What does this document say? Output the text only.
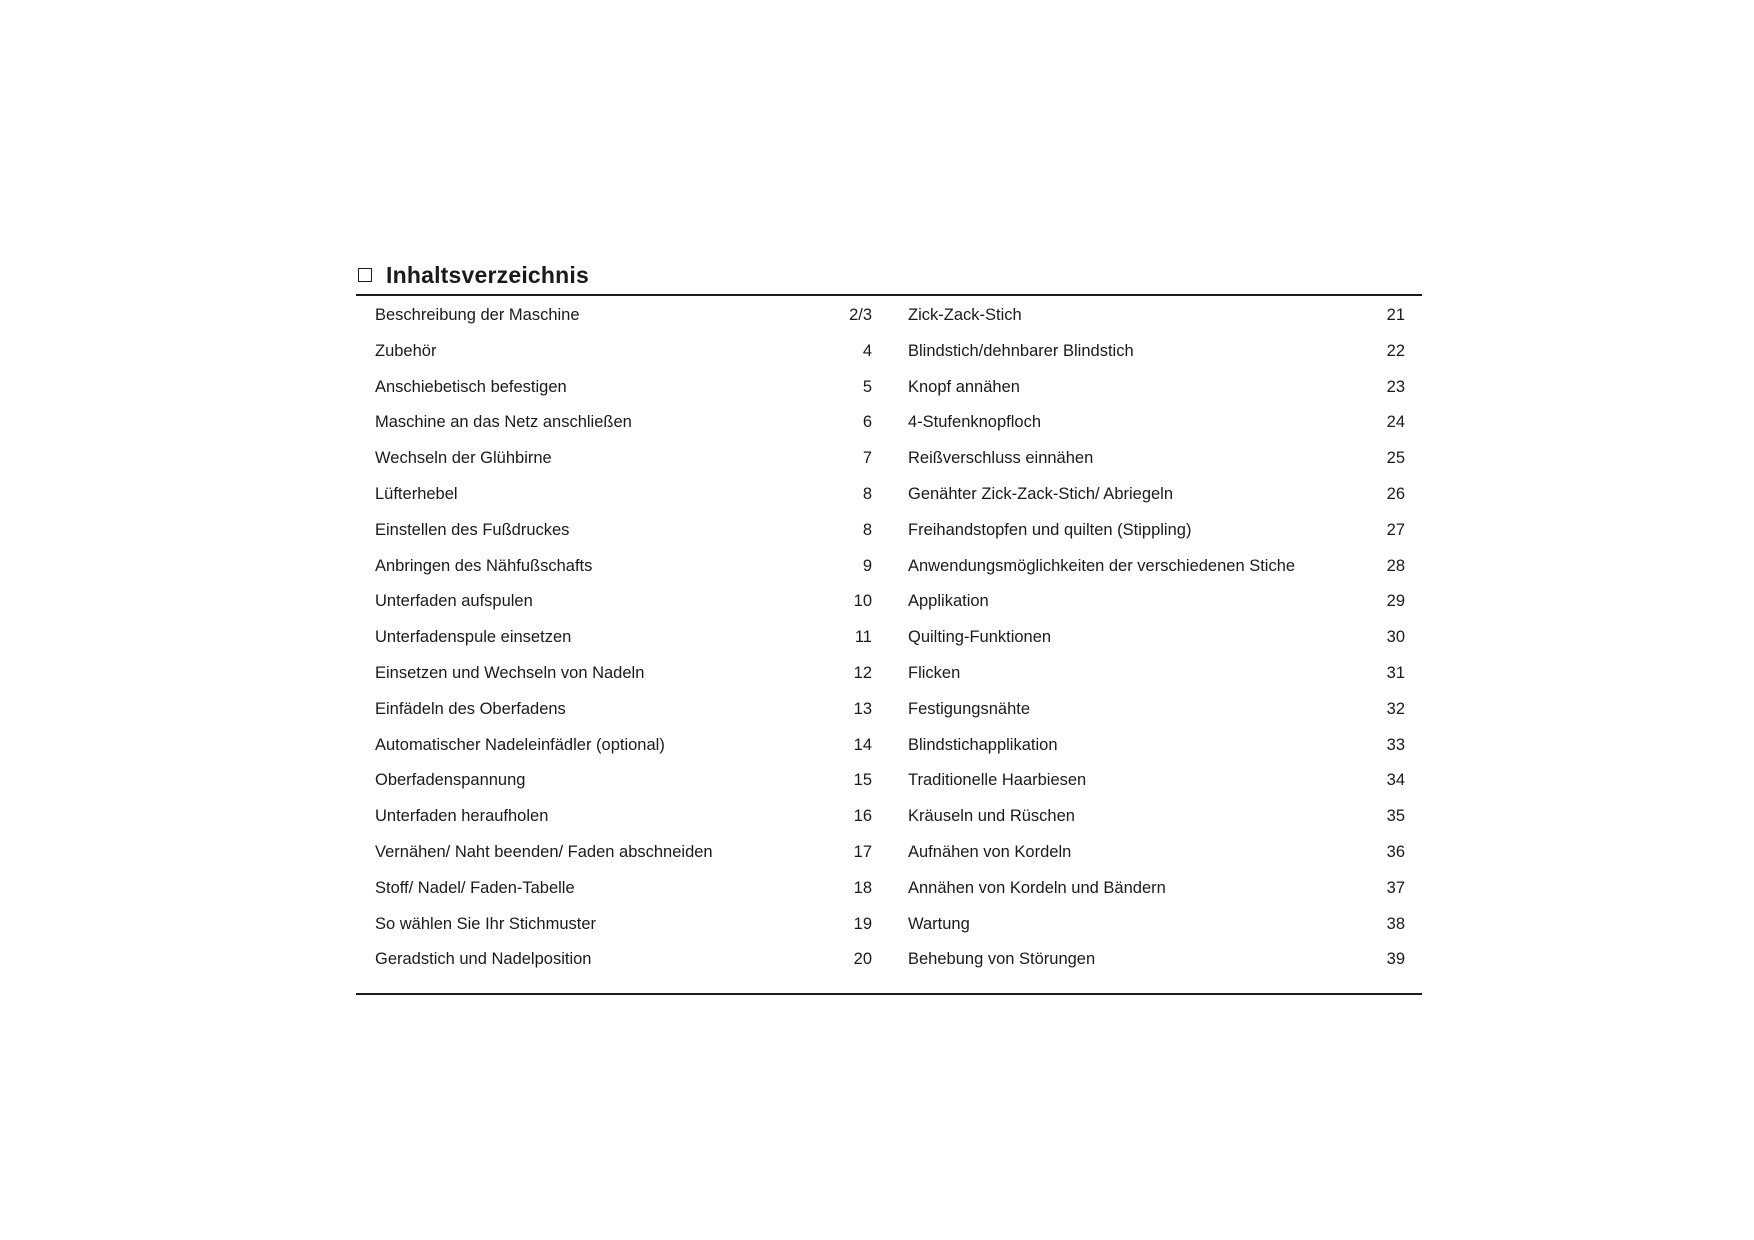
Inhaltsverzeichnis
Beschreibung der Maschine	2/3
Zubehör	4
Anschiebetisch befestigen	5
Maschine an das Netz anschließen	6
Wechseln der Glühbirne	7
Lüfterhebel	8
Einstellen des Fußdruckes	8
Anbringen des Nähfußschafts	9
Unterfaden aufspulen	10
Unterfadenspule einsetzen	11
Einsetzen und Wechseln von Nadeln	12
Einfädeln des Oberfadens	13
Automatischer Nadeleinfädler (optional)	14
Oberfadenspannung	15
Unterfaden heraufholen	16
Vernähen/ Naht beenden/ Faden abschneiden	17
Stoff/ Nadel/ Faden-Tabelle	18
So wählen Sie Ihr Stichmuster	19
Geradstich und Nadelposition	20
Zick-Zack-Stich	21
Blindstich/dehnbarer Blindstich	22
Knopf annähen	23
4-Stufenknopfloch	24
Reißverschluss einnähen	25
Genähter Zick-Zack-Stich/ Abriegeln	26
Freihandstopfen und quilten (Stippling)	27
Anwendungsmöglichkeiten der verschiedenen Stiche	28
Applikation	29
Quilting-Funktionen	30
Flicken	31
Festigungsnähte	32
Blindstichapplikation	33
Traditionelle Haarbiesen	34
Kräuseln und Rüschen	35
Aufnähen von Kordeln	36
Annähen von Kordeln und Bändern	37
Wartung	38
Behebung von Störungen	39
